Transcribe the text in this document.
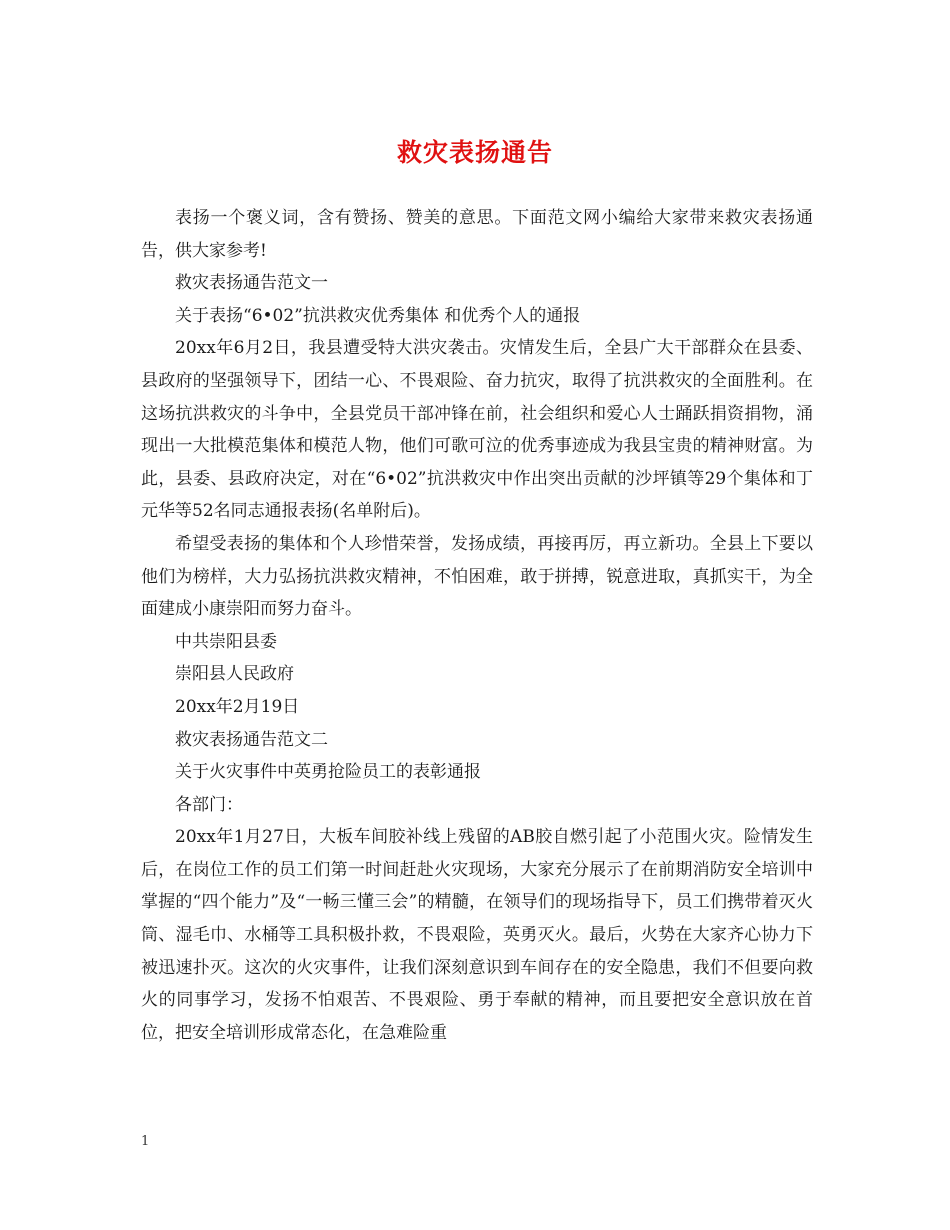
救灾表扬通告

表扬一个褒义词，含有赞扬、赞美的意思。下面范文网小编给大家带来救灾表扬通告，供大家参考!

救灾表扬通告范文一

关于表扬“6•02”抗洪救灾优秀集体 和优秀个人的通报

20xx年6月2日，我县遭受特大洪灾袭击。灾情发生后，全县广大干部群众在县委、县政府的坚强领导下，团结一心、不畏艰险、奋力抗灾，取得了抗洪救灾的全面胜利。在这场抗洪救灾的斗争中，全县党员干部冲锋在前，社会组织和爱心人士踊跃捐资捐物，涌现出一大批模范集体和模范人物，他们可歌可泣的优秀事迹成为我县宝贵的精神财富。为此，县委、县政府决定，对在“6•02”抗洪救灾中作出突出贡献的沙坪镇等29个集体和丁元华等52名同志通报表扬(名单附后)。

希望受表扬的集体和个人珍惜荣誉，发扬成绩，再接再厉，再立新功。全县上下要以他们为榜样，大力弘扬抗洪救灾精神，不怕困难，敢于拼搏，锐意进取，真抓实干，为全面建成小康崇阳而努力奋斗。

中共崇阳县委

崇阳县人民政府

20xx年2月19日

救灾表扬通告范文二

关于火灾事件中英勇抢险员工的表彰通报

各部门：

20xx年1月27日，大板车间胶补线上残留的AB胶自燃引起了小范围火灾。险情发生后，在岗位工作的员工们第一时间赶赴火灾现场，大家充分展示了在前期消防安全培训中掌握的“四个能力”及“一畅三懂三会”的精髓，在领导们的现场指导下，员工们携带着灭火筒、湿毛巾、水桶等工具积极扑救，不畏艰险，英勇灭火。最后，火势在大家齐心协力下被迅速扑灭。这次的火灾事件，让我们深刻意识到车间存在的安全隐患，我们不但要向救火的同事学习，发扬不怕艰苦、不畏艰险、勇于奉献的精神，而且要把安全意识放在首位，把安全培训形成常态化，在急难险重

1
